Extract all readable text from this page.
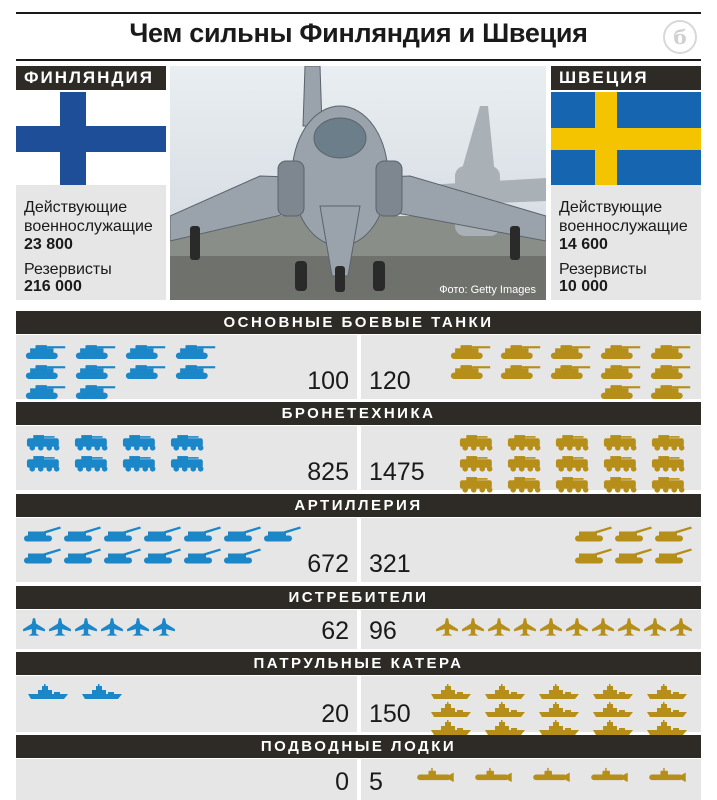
Чем сильны Финляндия и Швеция	б
ФИНЛЯНДИЯ
Действующие
военнослужащие
23 800
Резервисты
216 000	Фото: Getty Images
ШВЕЦИЯ
Действующие
военнослужащие
14 600
Резервисты
10 000
ОСНОВНЫЕ БОЕВЫЕ ТАНКИ
100 120
БРОНЕТЕХНИКА
825 1475
АРТИЛЛЕРИЯ
672 321
ИСТРЕБИТЕЛИ
62 96
ПАТРУЛЬНЫЕ КАТЕРА
20 150
ПОДВОДНЫЕ ЛОДКИ
0 5
